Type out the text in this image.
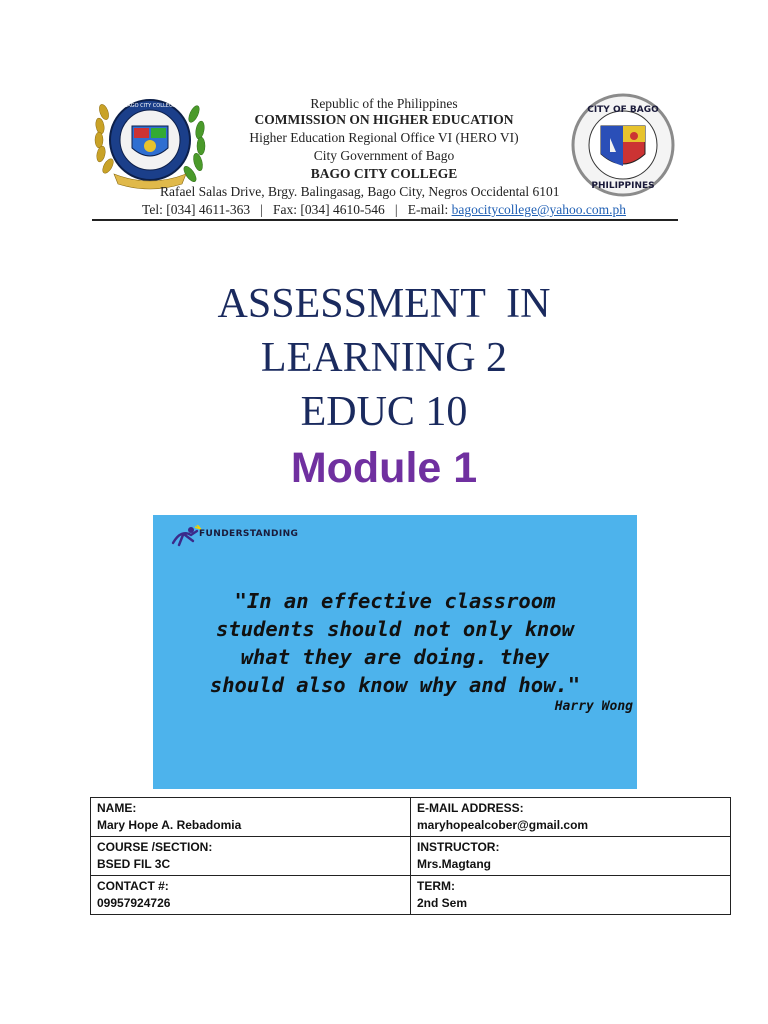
BAGO CITY COLLEGE	CITY OF BAGO
PHILIPPINES
Republic of the Philippines
COMMISSION ON HIGHER EDUCATION
Higher Education Regional Office VI (HERO VI)
City Government of Bago
BAGO CITY COLLEGE
Rafael Salas Drive, Brgy. Balingasag, Bago City, Negros Occidental 6101
Tel: [034] 4611-363   |   Fax: [034] 4610-546   |   E-mail: bagocitycollege@yahoo.com.ph
ASSESSMENT  IN
LEARNING 2
EDUC 10
Module 1
FUNDERSTANDING
"In an effective classroom
students should not only know
what they are doing. they
should also know why and how."
Harry Wong
NAME:
Mary Hope A. Rebadomia	E-MAIL ADDRESS:
maryhopealcober@gmail.com

COURSE /SECTION:
BSED FIL 3C	INSTRUCTOR:
Mrs.Magtang

CONTACT #:
09957924726	TERM:
2nd Sem
